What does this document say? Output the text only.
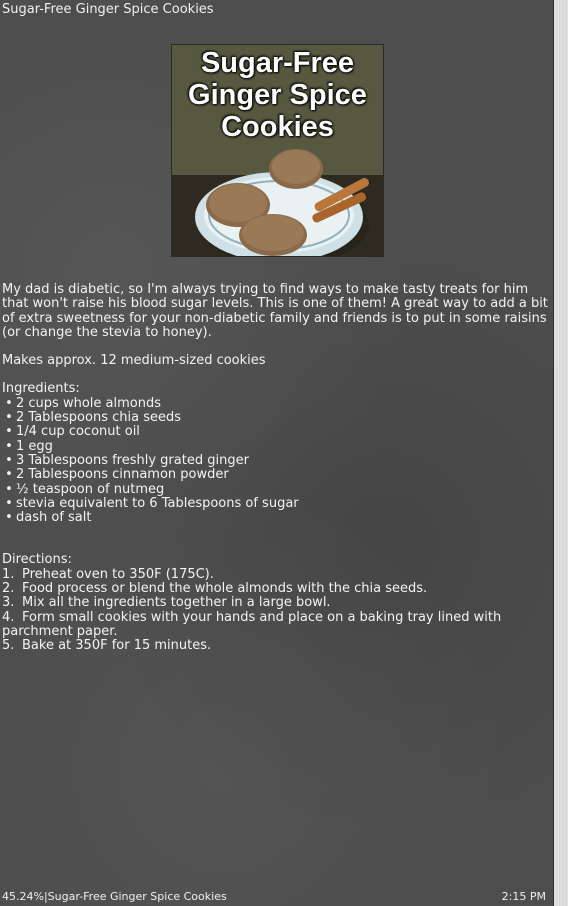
Sugar-Free Ginger Spice Cookies
Sugar-Free
Ginger Spice
Cookies

My dad is diabetic, so I'm always trying to find ways to make tasty treats for him that won't raise his blood sugar levels. This is one of them! A great way to add a bit of extra sweetness for your non-diabetic family and friends is to put in some raisins (or change the stevia to honey).

Makes approx. 12 medium-sized cookies

Ingredients:

• 2 cups whole almonds
• 2 Tablespoons chia seeds
• 1/4 cup coconut oil
• 1 egg
• 3 Tablespoons freshly grated ginger
• 2 Tablespoons cinnamon powder
• ½ teaspoon of nutmeg
• stevia equivalent to 6 Tablespoons of sugar
• dash of salt

Directions:

1. Preheat oven to 350F (175C).
2. Food process or blend the whole almonds with the chia seeds.
3. Mix all the ingredients together in a large bowl.
4. Form small cookies with your hands and place on a baking tray lined with parchment paper.
5. Bake at 350F for 15 minutes.
45.24%|Sugar-Free Ginger Spice Cookies	2:15 PM
